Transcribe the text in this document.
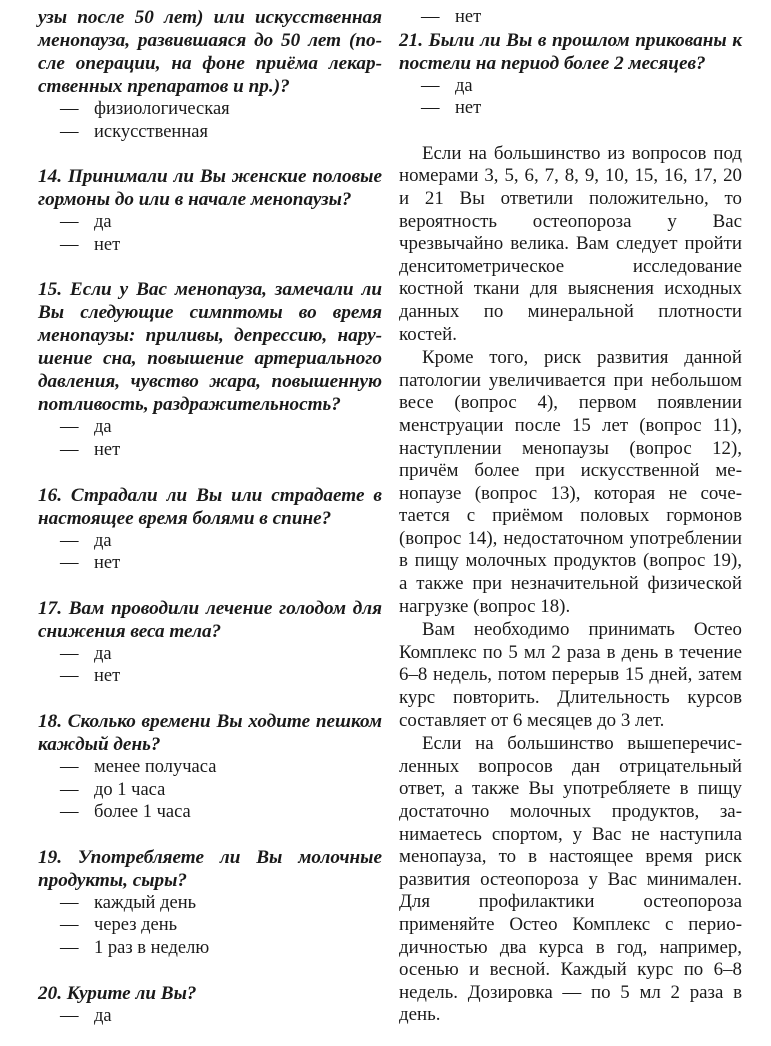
узы после 50 лет) или искусственная менопауза, развившаяся до 50 лет (после операции, на фоне приёма лекарственных препаратов и пр.)?

— физиологическая
— искусственная

14. Принимали ли Вы женские половые гормоны до или в начале менопаузы?

— да
— нет

15. Если у Вас менопауза, замечали ли Вы следующие симптомы во время менопаузы: приливы, депрессию, нарушение сна, повышение артериального давления, чувство жара, повышенную потливость, раздражительность?

— да
— нет

16. Страдали ли Вы или страдаете в настоящее время болями в спине?

— да
— нет

17. Вам проводили лечение голодом для снижения веса тела?

— да
— нет

18. Сколько времени Вы ходите пешком каждый день?

— менее получаса
— до 1 часа
— более 1 часа

19. Употребляете ли Вы молочные продукты, сыры?

— каждый день
— через день
— 1 раз в неделю

20. Курите ли Вы?

— да
— нет

21. Были ли Вы в прошлом прикованы к постели на период более 2 месяцев?

— да
— нет

Если на большинство из вопросов под номерами 3, 5, 6, 7, 8, 9, 10, 15, 16, 17, 20 и 21 Вы ответили положительно, то вероятность остеопороза у Вас чрезвычайно велика. Вам следует пройти денситометрическое исследование костной ткани для выяснения исходных данных по минеральной плотности костей.

Кроме того, риск развития данной патологии увеличивается при небольшом весе (вопрос 4), первом появлении менструации после 15 лет (вопрос 11), наступлении менопаузы (вопрос 12), причём более при искусственной менопаузе (вопрос 13), которая не сочетается с приёмом половых гормонов (вопрос 14), недостаточном употреблении в пищу молочных продуктов (вопрос 19), а также при незначительной физической нагрузке (вопрос 18).

Вам необходимо принимать Остео Комплекс по 5 мл 2 раза в день в течение 6–8 недель, потом перерыв 15 дней, затем курс повторить. Длительность курсов составляет от 6 месяцев до 3 лет.

Если на большинство вышеперечисленных вопросов дан отрицательный ответ, а также Вы употребляете в пищу достаточно молочных продуктов, занимаетесь спортом, у Вас не наступила менопауза, то в настоящее время риск развития остеопороза у Вас минимален. Для профилактики остеопороза применяйте Остео Комплекс с периодичностью два курса в год, например, осенью и весной. Каждый курс по 6–8 недель. Дозировка — по 5 мл 2 раза в день.
